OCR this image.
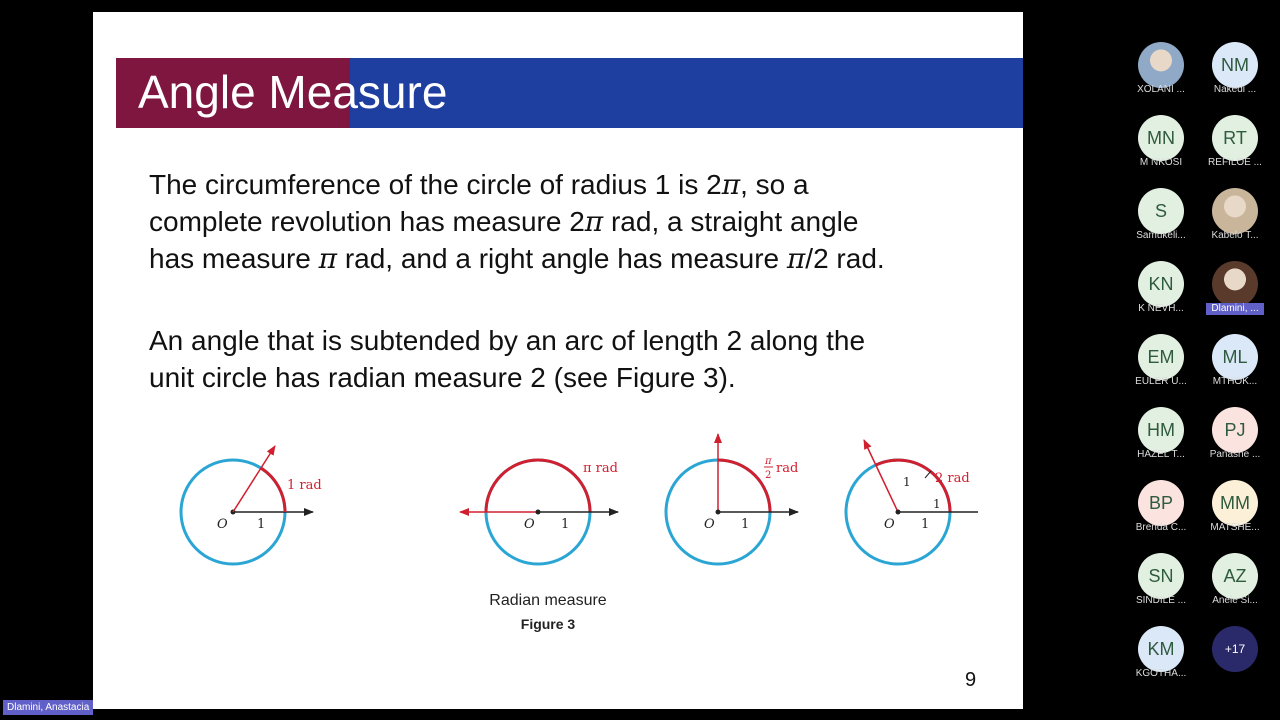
Angle Measure
The circumference of the circle of radius 1 is 2π, so a
complete revolution has measure 2π rad, a straight angle
has measure π rad, and a right angle has measure π/2 rad.
An angle that is subtended by an arc of length 2 along the
unit circle has radian measure 2 (see Figure 3).
O 1
1 rad
O 1
π rad
O 1
π
2 rad
O 1
1
1
2 rad
Radian measure
Figure 3
9
XOLANI ...
NM
Nakedi ...
MN
M NKOSI
RT
REFILOE ...
S
Samukeli...	Kabelo T...
KN
K NEVH...	Dlamini, ...
EM
EULER U...
ML
MTHOK...
HM
HAZEL T...
PJ
Panashe ...
BP
Brenda C...
MM
MATSHE...
SN
SINDILE ...
AZ
Anele Si...
KM
KGOTHA...
+17
Dlamini, Anastacia
